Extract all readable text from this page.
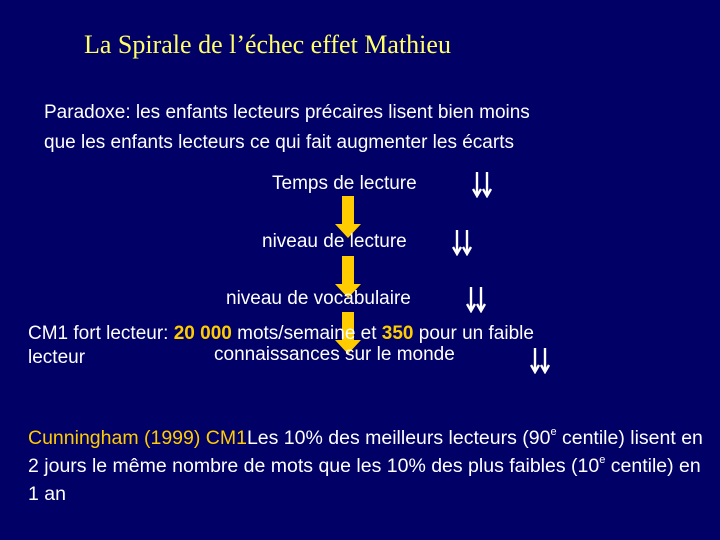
La Spirale de l’échec effet Mathieu
Paradoxe: les enfants lecteurs précaires lisent bien moins
que les enfants lecteurs ce qui fait augmenter les écarts
Temps de lecture
niveau de lecture
niveau de vocabulaire
CM1 fort lecteur: 20 000 mots/semaine et 350 pour un faible
lecteur	connaissances sur le monde
Cunningham (1999) CM1Les 10% des meilleurs lecteurs (90e centile) lisent en 2 jours le même nombre de mots que les 10% des plus faibles (10e centile) en 1 an
